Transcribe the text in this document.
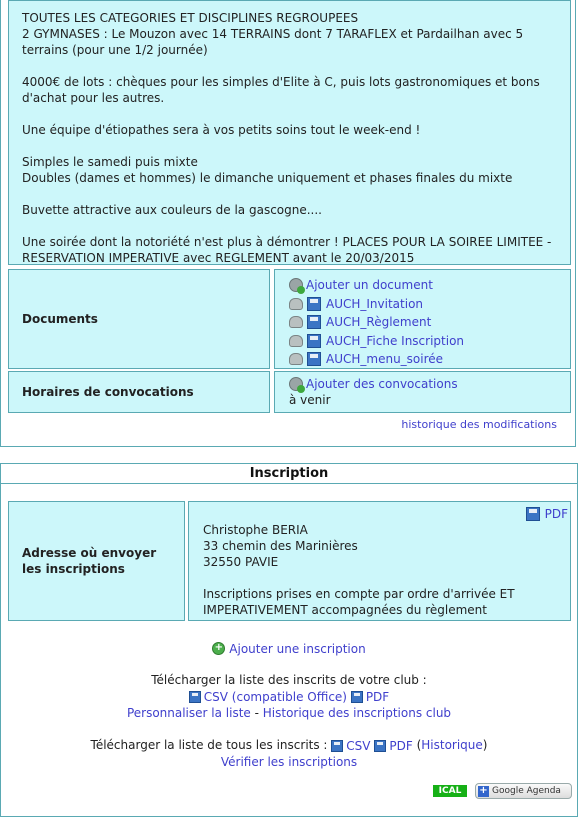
TOUTES LES CATEGORIES ET DISCIPLINES REGROUPEES
2 GYMNASES : Le Mouzon avec 14 TERRAINS dont 7 TARAFLEX et Pardailhan avec 5 terrains (pour une 1/2 journée)

4000€ de lots : chèques pour les simples d'Elite à C, puis lots gastronomiques et bons d'achat pour les autres.

Une équipe d'étiopathes sera à vos petits soins tout le week-end !

Simples le samedi puis mixte
Doubles (dames et hommes) le dimanche uniquement et phases finales du mixte

Buvette attractive aux couleurs de la gascogne....

Une soirée dont la notoriété n'est plus à démontrer ! PLACES POUR LA SOIREE LIMITEE - RESERVATION IMPERATIVE avec REGLEMENT avant le 20/03/2015

Documents
Ajouter un document
AUCH_Invitation
AUCH_Règlement
AUCH_Fiche Inscription
AUCH_menu_soirée
Horaires de convocations
Ajouter des convocations
à venir
historique des modifications
Inscription
Adresse où envoyer les inscriptions
PDF

Christophe BERIA
33 chemin des Marinières
32550 PAVIE

Inscriptions prises en compte par ordre d'arrivée ET IMPERATIVEMENT accompagnées du règlement

+ Ajouter une inscription
Télécharger la liste des inscrits de votre club :
CSV (compatible Office)
PDF
Personnaliser la liste - Historique des inscriptions club
Télécharger la liste de tous les inscrits : CSV
PDF (Historique)
Vérifier les inscriptions
ICAL	+ Google Agenda
